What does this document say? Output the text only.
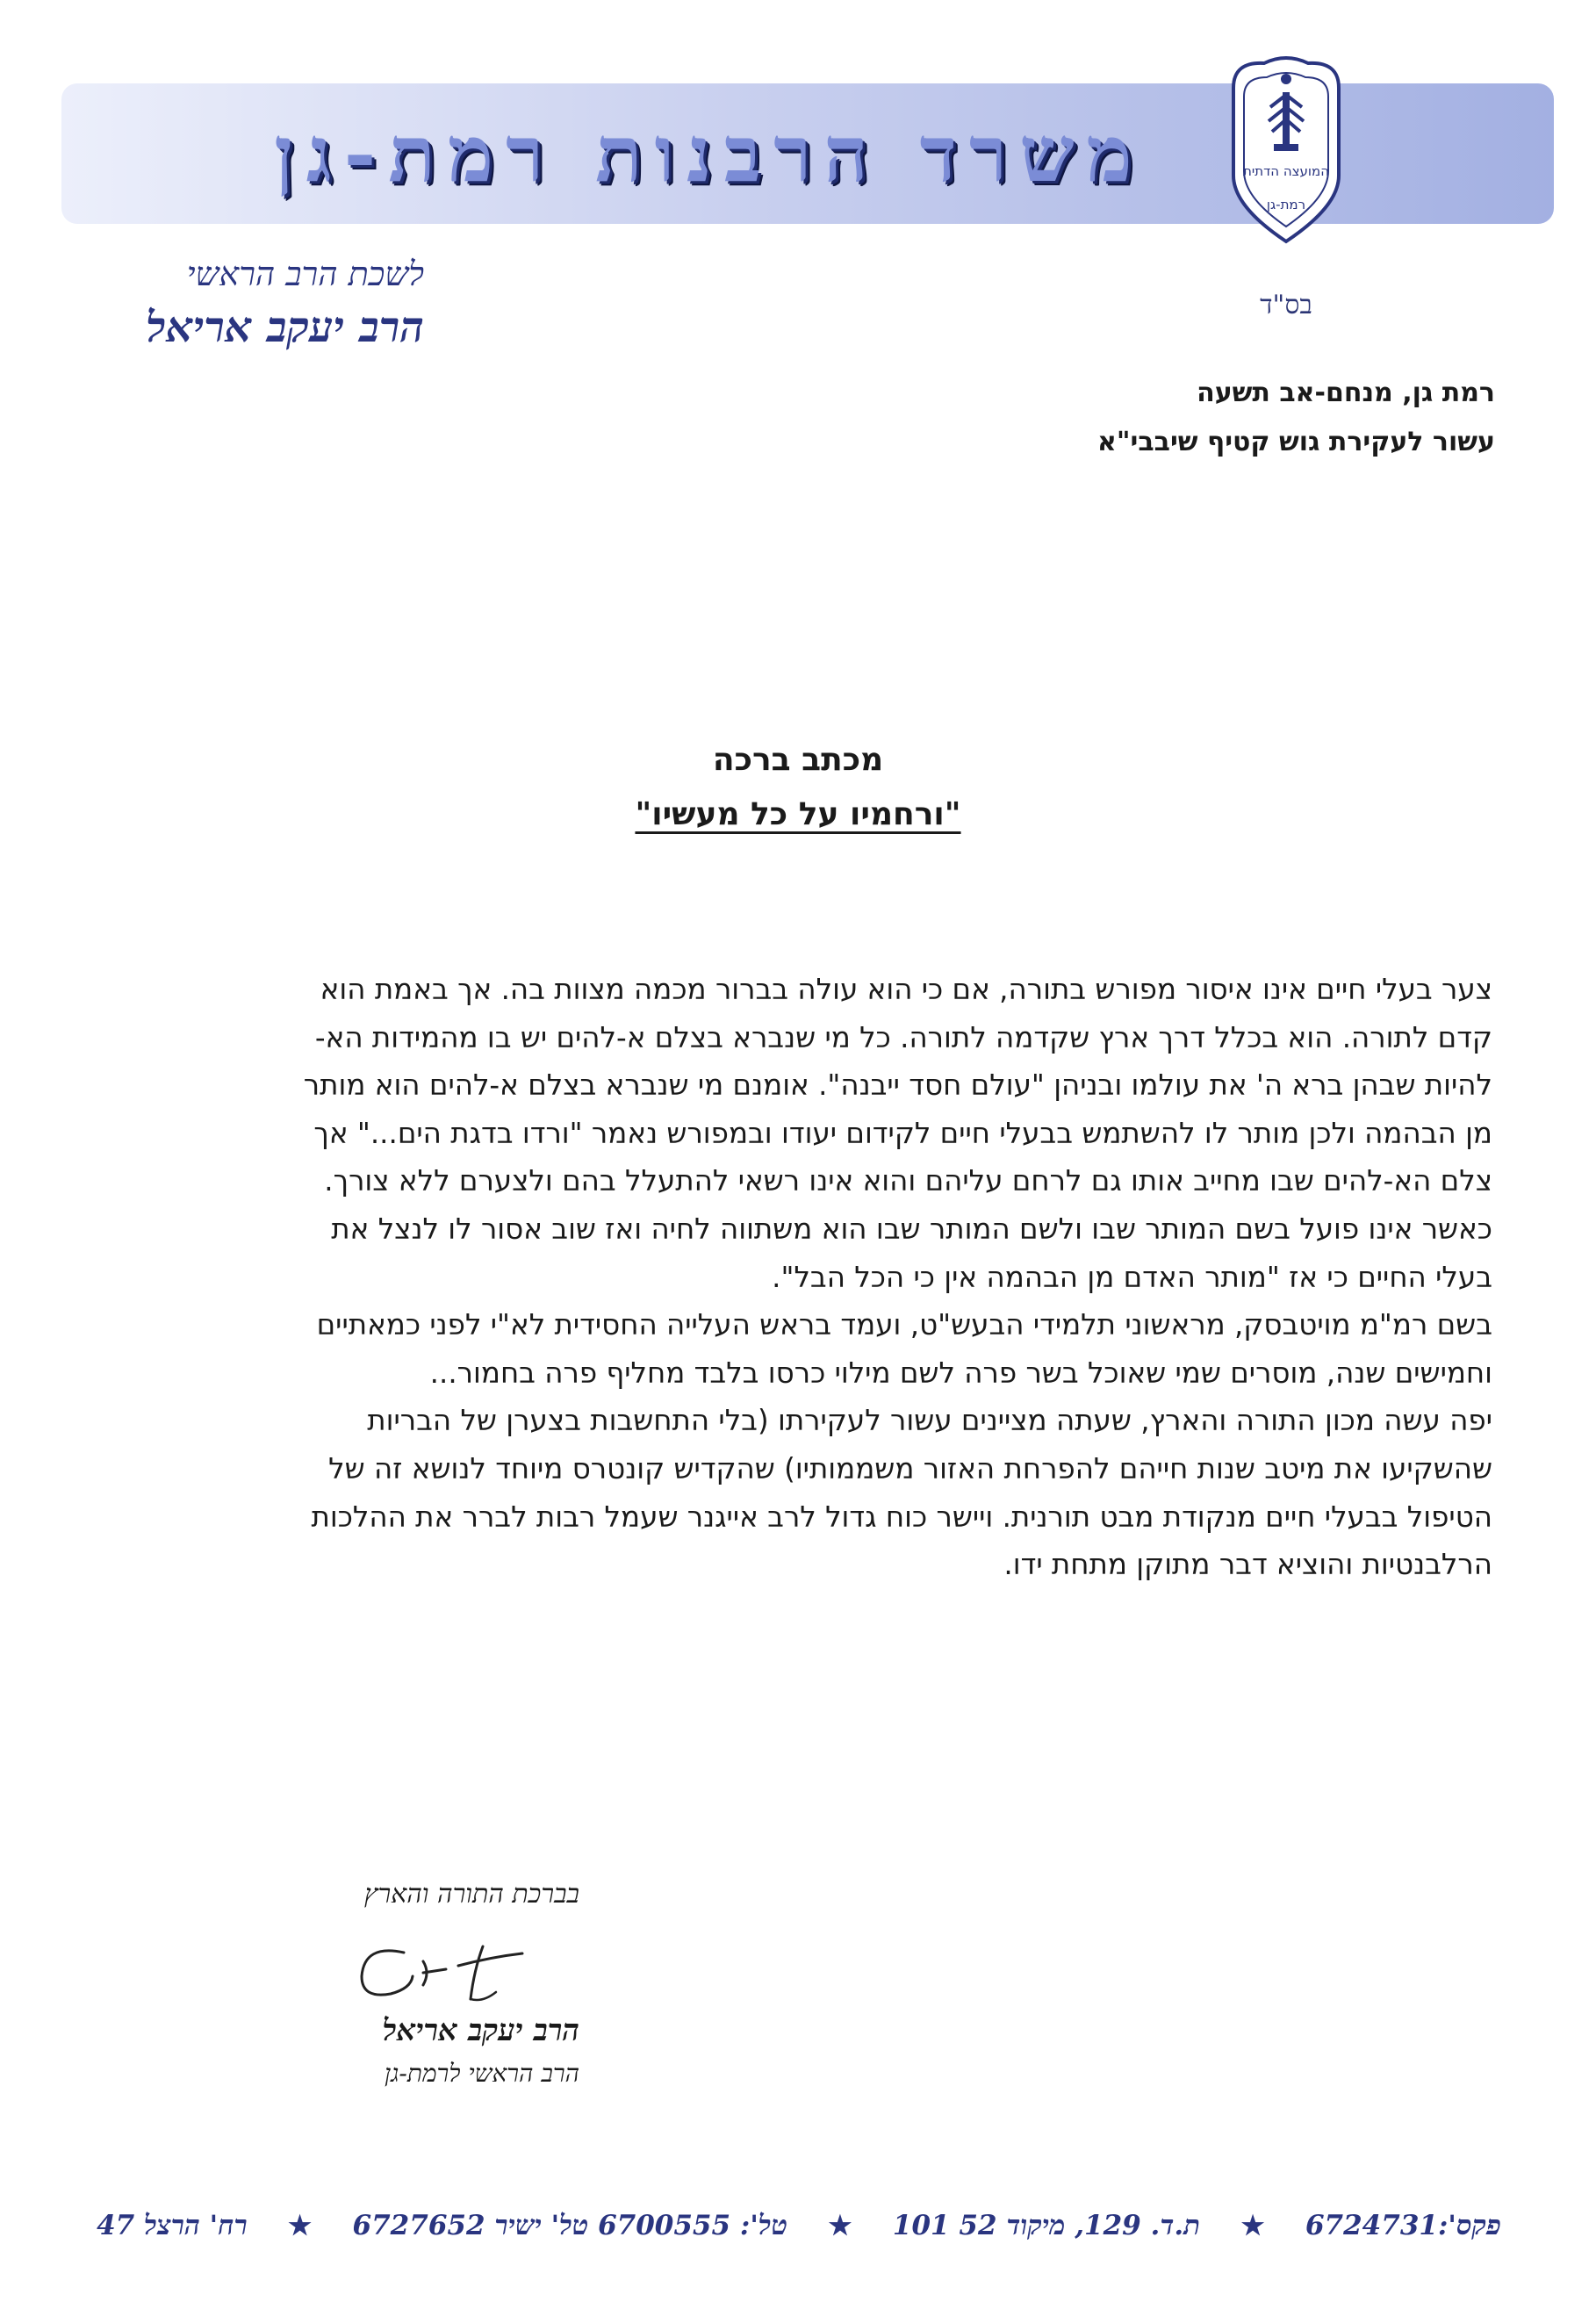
משרד הרבנות רמת-גן	המועצה הדתית
רמת-גן
בס"ד
לשכת הרב הראשי
הרב יעקב אריאל
רמת גן, מנחם-אב תשעה
עשור לעקירת גוש קטיף שיבבי"א
מכתב ברכה
"ורחמיו על כל מעשיו"
צער בעלי חיים אינו איסור מפורש בתורה, אם כי הוא עולה בברור מכמה מצוות בה. אך באמת הוא
קדם לתורה. הוא בכלל דרך ארץ שקדמה לתורה. כל מי שנברא בצלם א-להים יש בו מהמידות הא-
להיות שבהן ברא ה' את עולמו ובניהן "עולם חסד ייבנה". אומנם מי שנברא בצלם א-להים הוא מותר
מן הבהמה ולכן מותר לו להשתמש בבעלי חיים לקידום יעודו ובמפורש נאמר "ורדו בדגת הים..." אך
צלם הא-להים שבו מחייב אותו גם לרחם עליהם והוא אינו רשאי להתעלל בהם ולצערם ללא צורך.
כאשר אינו פועל בשם המותר שבו ולשם המותר שבו הוא משתווה לחיה ואז שוב אסור לו לנצל את
בעלי החיים כי אז "מותר האדם מן הבהמה אין כי הכל הבל".
בשם רמ"מ מויטבסק, מראשוני תלמידי הבעש"ט, ועמד בראש העלייה החסידית לא"י לפני כמאתיים
וחמישים שנה, מוסרים שמי שאוכל בשר פרה לשם מילוי כרסו בלבד מחליף פרה בחמור...
יפה עשה מכון התורה והארץ, שעתה מציינים עשור לעקירתו (בלי התחשבות בצערן של הבריות
שהשקיעו את מיטב שנות חייהם להפרחת האזור משממותיו) שהקדיש קונטרס מיוחד לנושא זה של
הטיפול בבעלי חיים מנקודת מבט תורנית. ויישר כוח גדול לרב אייגנר שעמל רבות לברר את ההלכות
הרלבנטיות והוציא דבר מתוקן מתחת ידו.
בברכת התורה והארץ
הרב יעקב אריאל
הרב הראשי לרמת-גן
רח' הרצל 47 ★ טל': 6700555 טל' ישיר 6727652 ★ ת.ד. 129, מיקוד 52 101 ★ פקס':6724731
